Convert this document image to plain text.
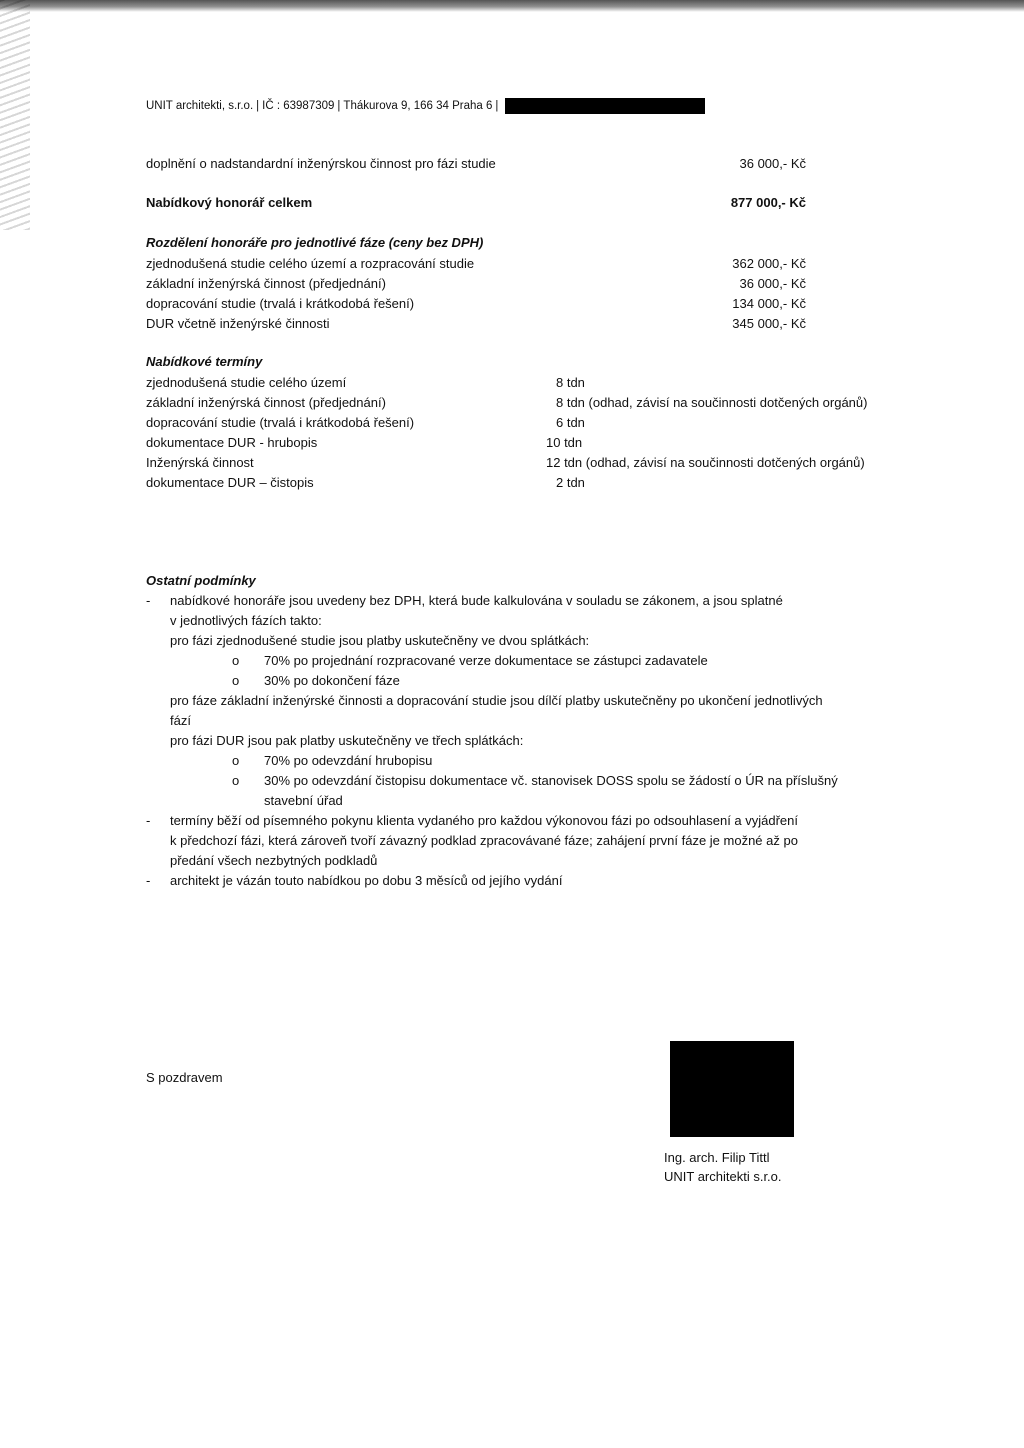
UNIT architekti, s.r.o. | IČ : 63987309 | Thákurova 9, 166 34 Praha 6 |
doplnění o nadstandardní inženýrskou činnost pro fázi studie	36 000,- Kč
Nabídkový honorář celkem	877 000,- Kč
Rozdělení honoráře pro jednotlivé fáze (ceny bez DPH)
zjednodušená studie celého území a rozpracování studie	362 000,- Kč
základní inženýrská činnost (předjednání)	36 000,- Kč
dopracování studie (trvalá i krátkodobá řešení)	134 000,- Kč
DUR včetně inženýrské činnosti	345 000,- Kč
Nabídkové termíny
zjednodušená studie celého území	8 tdn
základní inženýrská činnost (předjednání)	8 tdn (odhad, závisí na součinnosti dotčených orgánů)
dopracování studie (trvalá i krátkodobá řešení)	6 tdn
dokumentace DUR - hrubopis	10 tdn
Inženýrská činnost	12 tdn (odhad, závisí na součinnosti dotčených orgánů)
dokumentace DUR – čistopis	2 tdn
Ostatní podmínky
- nabídkové honoráře jsou uvedeny bez DPH, která bude kalkulována v souladu se zákonem, a jsou splatné
v jednotlivých fázích takto:
pro fázi zjednodušené studie jsou platby uskutečněny ve dvou splátkách:
o 70% po projednání rozpracované verze dokumentace se zástupci zadavatele
o 30% po dokončení fáze
pro fáze základní inženýrské činnosti a dopracování studie jsou dílčí platby uskutečněny po ukončení jednotlivých
fází
pro fázi DUR jsou pak platby uskutečněny ve třech splátkách:
o 70% po odevzdání hrubopisu
o 30% po odevzdání čistopisu dokumentace vč. stanovisek DOSS spolu se žádostí o ÚR na příslušný
stavební úřad
- termíny běží od písemného pokynu klienta vydaného pro každou výkonovou fázi po odsouhlasení a vyjádření
k předchozí fázi, která zároveň tvoří závazný podklad zpracovávané fáze; zahájení první fáze je možné až po
předání všech nezbytných podkladů
- architekt je vázán touto nabídkou po dobu 3 měsíců od jejího vydání
S pozdravem
Ing. arch. Filip Tittl
UNIT architekti s.r.o.
